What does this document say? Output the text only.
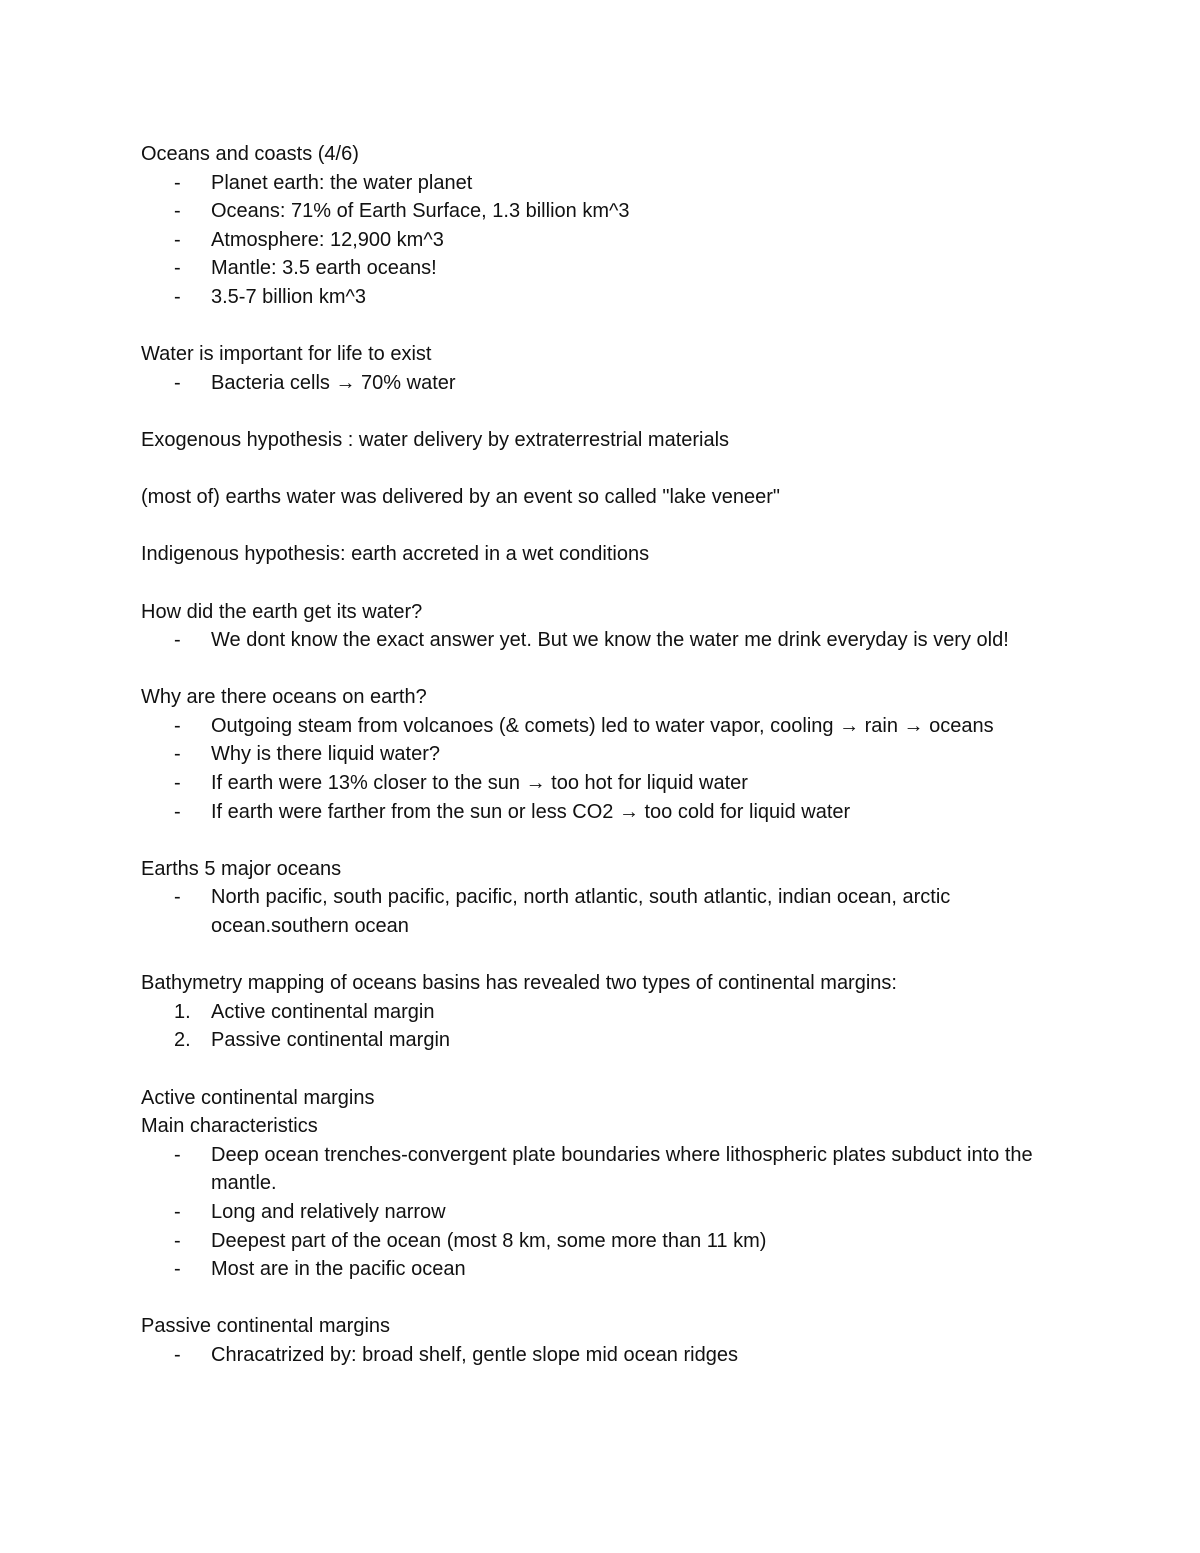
Oceans and coasts (4/6)

-	Planet earth: the water planet
-	Oceans: 71% of Earth Surface, 1.3 billion km^3
-	Atmosphere: 12,900 km^3
-	Mantle: 3.5 earth oceans!
-	3.5-7 billion km^3

Water is important for life to exist

-	Bacteria cells → 70% water

Exogenous hypothesis : water delivery by extraterrestrial materials

(most of) earths water was delivered by an event so called "lake veneer"

Indigenous hypothesis: earth accreted in a wet conditions

How did the earth get its water?

-	We dont know the exact answer yet. But we know the water me drink everyday is very old!

Why are there oceans on earth?

-	Outgoing steam from volcanoes (& comets) led to water vapor, cooling → rain → oceans
-	Why is there liquid water?
-	If earth were 13% closer to the sun → too hot for liquid water
-	If earth were farther from the sun or less CO2 → too cold for liquid water

Earths 5 major oceans

-	North pacific, south pacific, pacific, north atlantic, south atlantic, indian ocean, arctic ocean.southern ocean

Bathymetry mapping of oceans basins has revealed two types of continental margins:

1.	Active continental margin
2.	Passive continental margin

Active continental margins

Main characteristics

-	Deep ocean trenches-convergent plate boundaries where lithospheric plates subduct into the mantle.
-	Long and relatively narrow
-	Deepest part of the ocean (most 8 km, some more than 11 km)
-	Most are in the pacific ocean

Passive continental margins

-	Chracatrized by: broad shelf, gentle slope mid ocean ridges
